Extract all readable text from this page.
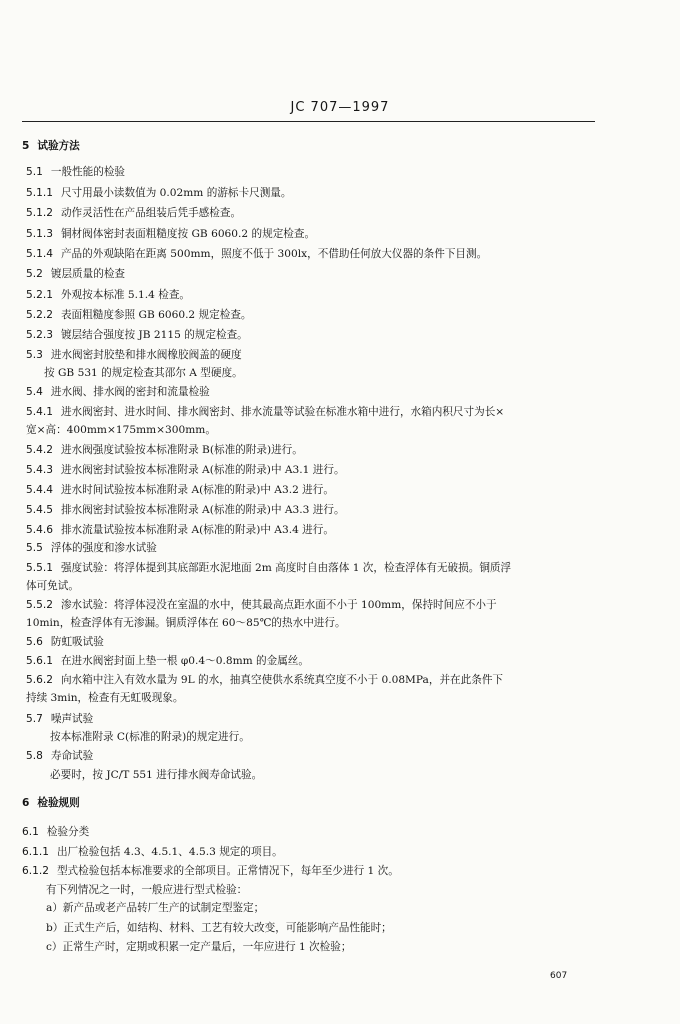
JC 707—1997
5 试验方法
5.1 一般性能的检验
5.1.1 尺寸用最小读数值为 0.02mm 的游标卡尺测量。
5.1.2 动作灵活性在产品组装后凭手感检查。
5.1.3 铜材阀体密封表面粗糙度按 GB 6060.2 的规定检查。
5.1.4 产品的外观缺陷在距离 500mm，照度不低于 300lx，不借助任何放大仪器的条件下目测。
5.2 镀层质量的检查
5.2.1 外观按本标准 5.1.4 检查。
5.2.2 表面粗糙度参照 GB 6060.2 规定检查。
5.2.3 镀层结合强度按 JB 2115 的规定检查。
5.3 进水阀密封胶垫和排水阀橡胶阀盖的硬度
按 GB 531 的规定检查其邵尔 A 型硬度。
5.4 进水阀、排水阀的密封和流量检验
5.4.1 进水阀密封、进水时间、排水阀密封、排水流量等试验在标准水箱中进行，水箱内积尺寸为长×
宽×高：400mm×175mm×300mm。
5.4.2 进水阀强度试验按本标准附录 B(标准的附录)进行。
5.4.3 进水阀密封试验按本标准附录 A(标准的附录)中 A3.1 进行。
5.4.4 进水时间试验按本标准附录 A(标准的附录)中 A3.2 进行。
5.4.5 排水阀密封试验按本标准附录 A(标准的附录)中 A3.3 进行。
5.4.6 排水流量试验按本标准附录 A(标准的附录)中 A3.4 进行。
5.5 浮体的强度和渗水试验
5.5.1 强度试验：将浮体提到其底部距水泥地面 2m 高度时自由落体 1 次，检查浮体有无破损。铜质浮
体可免试。
5.5.2 渗水试验：将浮体浸没在室温的水中，使其最高点距水面不小于 100mm，保持时间应不小于
10min，检查浮体有无渗漏。铜质浮体在 60～85℃的热水中进行。
5.6 防虹吸试验
5.6.1 在进水阀密封面上垫一根 φ0.4～0.8mm 的金属丝。
5.6.2 向水箱中注入有效水量为 9L 的水，抽真空使供水系统真空度不小于 0.08MPa，并在此条件下
持续 3min，检查有无虹吸现象。
5.7 噪声试验
按本标准附录 C(标准的附录)的规定进行。
5.8 寿命试验
必要时，按 JC/T 551 进行排水阀寿命试验。
6 检验规则
6.1 检验分类
6.1.1 出厂检验包括 4.3、4.5.1、4.5.3 规定的项目。
6.1.2 型式检验包括本标准要求的全部项目。正常情况下，每年至少进行 1 次。
有下列情况之一时，一般应进行型式检验：
a）新产品或老产品转厂生产的试制定型鉴定；
b）正式生产后，如结构、材料、工艺有较大改变，可能影响产品性能时；
c）正常生产时，定期或积累一定产量后，一年应进行 1 次检验；
607
